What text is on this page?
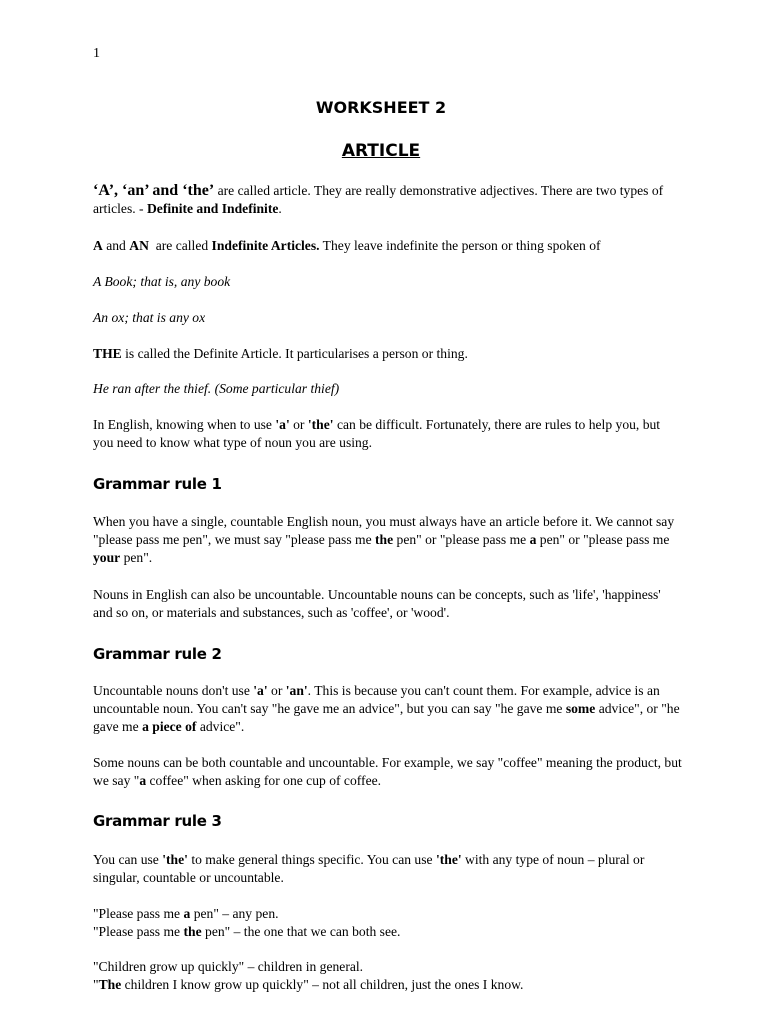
1
WORKSHEET 2
ARTICLE

‘A’, ‘an’ and ‘the’ are called article. They are really demonstrative adjectives. There are two types of articles. - Definite and Indefinite.

A and AN  are called Indefinite Articles. They leave indefinite the person or thing spoken of

A Book; that is, any book

An ox; that is any ox

THE is called the Definite Article. It particularises a person or thing.

He ran after the thief. (Some particular thief)

In English, knowing when to use 'a' or 'the' can be difficult. Fortunately, there are rules to help you, but you need to know what type of noun you are using.

Grammar rule 1

When you have a single, countable English noun, you must always have an article before it. We cannot say "please pass me pen", we must say "please pass me the pen" or "please pass me a pen" or "please pass me your pen".

Nouns in English can also be uncountable. Uncountable nouns can be concepts, such as 'life', 'happiness' and so on, or materials and substances, such as 'coffee', or 'wood'.

Grammar rule 2

Uncountable nouns don't use 'a' or 'an'. This is because you can't count them. For example, advice is an uncountable noun. You can't say "he gave me an advice", but you can say "he gave me some advice", or "he gave me a piece of advice".

Some nouns can be both countable and uncountable. For example, we say "coffee" meaning the product, but we say "a coffee" when asking for one cup of coffee.

Grammar rule 3

You can use 'the' to make general things specific. You can use 'the' with any type of noun – plural or singular, countable or uncountable.

"Please pass me a pen" – any pen.

"Please pass me the pen" – the one that we can both see.

"Children grow up quickly" – children in general.

"The children I know grow up quickly" – not all children, just the ones I know.
